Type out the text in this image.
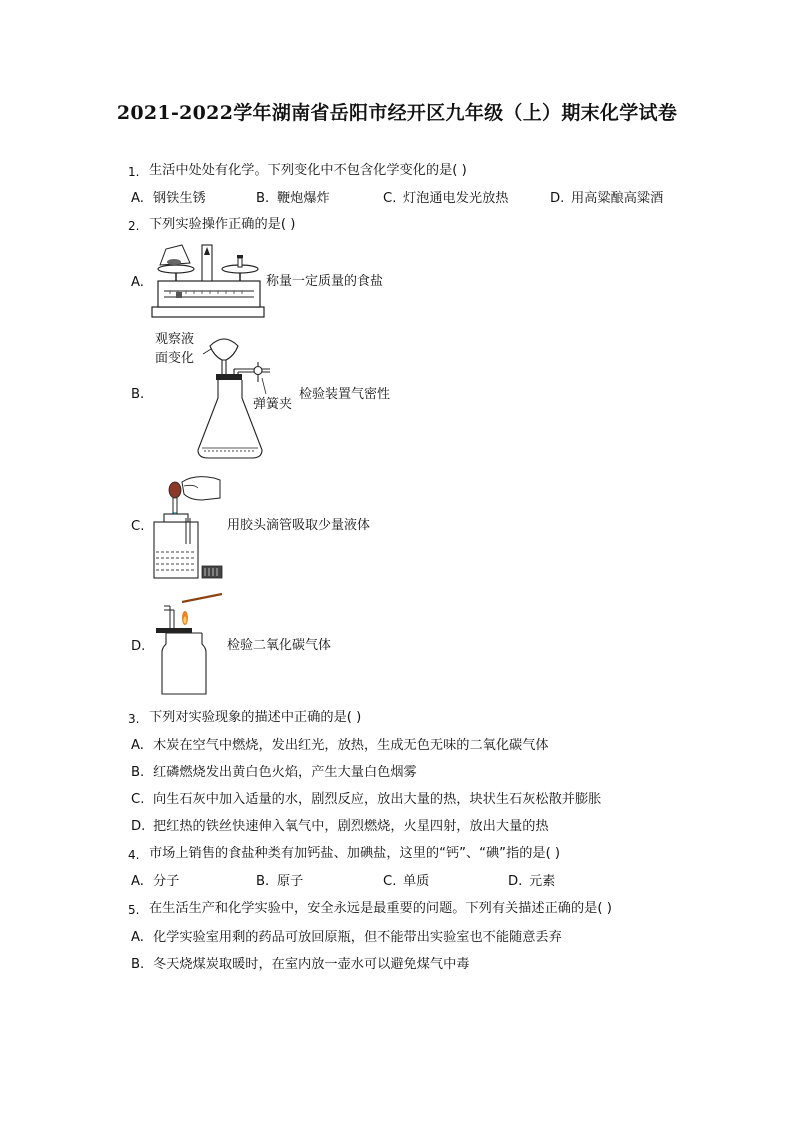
2021-2022学年湖南省岳阳市经开区九年级（上）期末化学试卷
1. 生活中处处有化学。下列变化中不包含化学变化的是( )
A. 钢铁生锈	B. 鞭炮爆炸	C. 灯泡通电发光放热	D. 用高粱酿高粱酒
2. 下列实验操作正确的是( )
A.	称量一定质量的食盐
B.
观察液
面变化
检验装置气密性
弹簧夹
C.	用胶头滴管吸取少量液体
D.	检验二氧化碳气体
3. 下列对实验现象的描述中正确的是( )
A. 木炭在空气中燃烧，发出红光，放热，生成无色无味的二氧化碳气体
B. 红磷燃烧发出黄白色火焰，产生大量白色烟雾
C. 向生石灰中加入适量的水，剧烈反应，放出大量的热，块状生石灰松散并膨胀
D. 把红热的铁丝快速伸入氧气中，剧烈燃烧，火星四射，放出大量的热
4. 市场上销售的食盐种类有加钙盐、加碘盐，这里的“钙”、“碘”指的是( )
A. 分子	B. 原子	C. 单质	D. 元素
5. 在生活生产和化学实验中，安全永远是最重要的问题。下列有关描述正确的是( )
A. 化学实验室用剩的药品可放回原瓶，但不能带出实验室也不能随意丢弃
B. 冬天烧煤炭取暖时，在室内放一壶水可以避免煤气中毒
